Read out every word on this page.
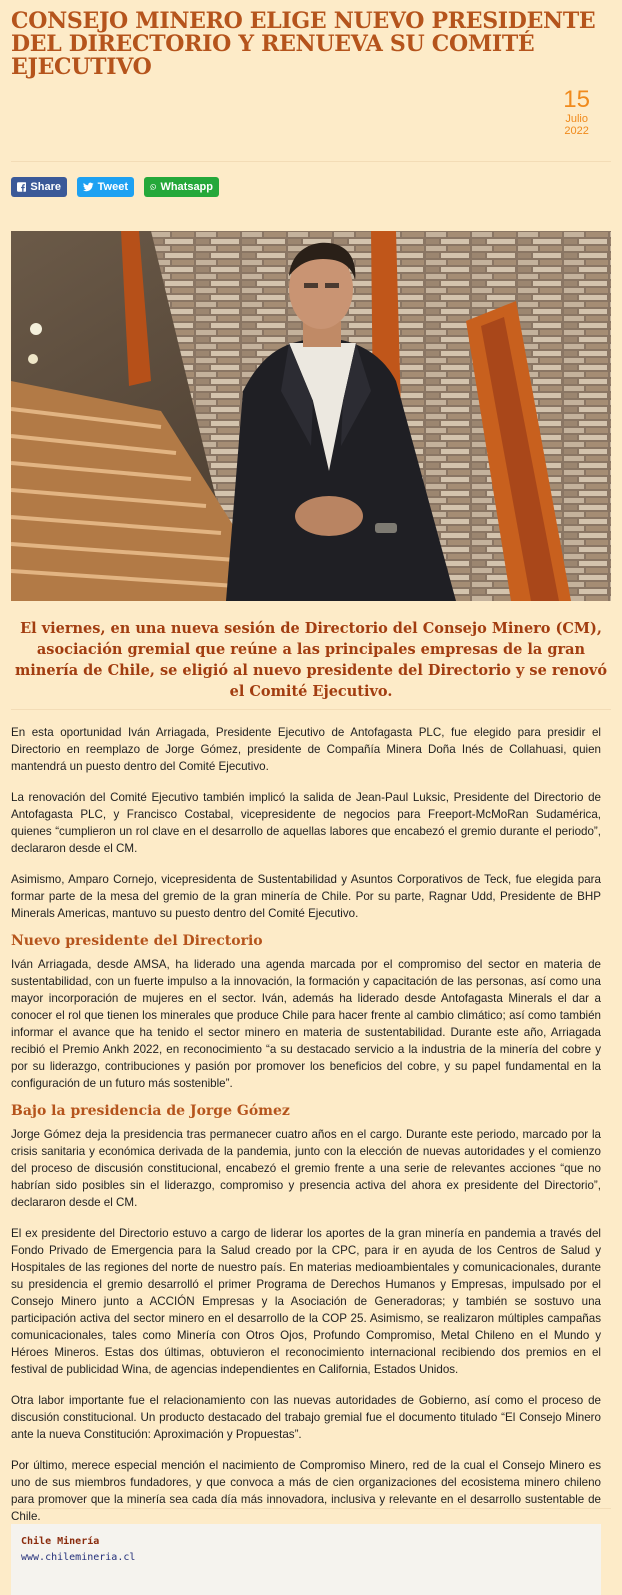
CONSEJO MINERO ELIGE NUEVO PRESIDENTE DEL DIRECTORIO Y RENUEVA SU COMITÉ EJECUTIVO
15
Julio
2022
Share	Tweet	Whatsapp

El viernes, en una nueva sesión de Directorio del Consejo Minero (CM), asociación gremial que reúne a las principales empresas de la gran minería de Chile, se eligió al nuevo presidente del Directorio y se renovó el Comité Ejecutivo.

En esta oportunidad Iván Arriagada, Presidente Ejecutivo de Antofagasta PLC, fue elegido para presidir el Directorio en reemplazo de Jorge Gómez, presidente de Compañía Minera Doña Inés de Collahuasi, quien mantendrá un puesto dentro del Comité Ejecutivo.

La renovación del Comité Ejecutivo también implicó la salida de Jean-Paul Luksic, Presidente del Directorio de Antofagasta PLC, y Francisco Costabal, vicepresidente de negocios para Freeport-McMoRan Sudamérica, quienes “cumplieron un rol clave en el desarrollo de aquellas labores que encabezó el gremio durante el periodo”, declararon desde el CM.

Asimismo, Amparo Cornejo, vicepresidenta de Sustentabilidad y Asuntos Corporativos de Teck, fue elegida para formar parte de la mesa del gremio de la gran minería de Chile. Por su parte, Ragnar Udd, Presidente de BHP Minerals Americas, mantuvo su puesto dentro del Comité Ejecutivo.

Nuevo presidente del Directorio

Iván Arriagada, desde AMSA, ha liderado una agenda marcada por el compromiso del sector en materia de sustentabilidad, con un fuerte impulso a la innovación, la formación y capacitación de las personas, así como una mayor incorporación de mujeres en el sector. Iván, además ha liderado desde Antofagasta Minerals el dar a conocer el rol que tienen los minerales que produce Chile para hacer frente al cambio climático; así como también informar el avance que ha tenido el sector minero en materia de sustentabilidad. Durante este año, Arriagada recibió el Premio Ankh 2022, en reconocimiento “a su destacado servicio a la industria de la minería del cobre y por su liderazgo, contribuciones y pasión por promover los beneficios del cobre, y su papel fundamental en la configuración de un futuro más sostenible”.

Bajo la presidencia de Jorge Gómez

Jorge Gómez deja la presidencia tras permanecer cuatro años en el cargo. Durante este periodo, marcado por la crisis sanitaria y económica derivada de la pandemia, junto con la elección de nuevas autoridades y el comienzo del proceso de discusión constitucional, encabezó el gremio frente a una serie de relevantes acciones “que no habrían sido posibles sin el liderazgo, compromiso y presencia activa del ahora ex presidente del Directorio”, declararon desde el CM.

El ex presidente del Directorio estuvo a cargo de liderar los aportes de la gran minería en pandemia a través del Fondo Privado de Emergencia para la Salud creado por la CPC, para ir en ayuda de los Centros de Salud y Hospitales de las regiones del norte de nuestro país. En materias medioambientales y comunicacionales, durante su presidencia el gremio desarrolló el primer Programa de Derechos Humanos y Empresas, impulsado por el Consejo Minero junto a ACCIÓN Empresas y la Asociación de Generadoras; y también se sostuvo una participación activa del sector minero en el desarrollo de la COP 25. Asimismo, se realizaron múltiples campañas comunicacionales, tales como Minería con Otros Ojos, Profundo Compromiso, Metal Chileno en el Mundo y Héroes Mineros. Estas dos últimas, obtuvieron el reconocimiento internacional recibiendo dos premios en el festival de publicidad Wina, de agencias independientes en California, Estados Unidos.

Otra labor importante fue el relacionamiento con las nuevas autoridades de Gobierno, así como el proceso de discusión constitucional. Un producto destacado del trabajo gremial fue el documento titulado “El Consejo Minero ante la nueva Constitución: Aproximación y Propuestas”.

Por último, merece especial mención el nacimiento de Compromiso Minero, red de la cual el Consejo Minero es uno de sus miembros fundadores, y que convoca a más de cien organizaciones del ecosistema minero chileno para promover que la minería sea cada día más innovadora, inclusiva y relevante en el desarrollo sustentable de Chile.

Chile Minería
www.chilemineria.cl
